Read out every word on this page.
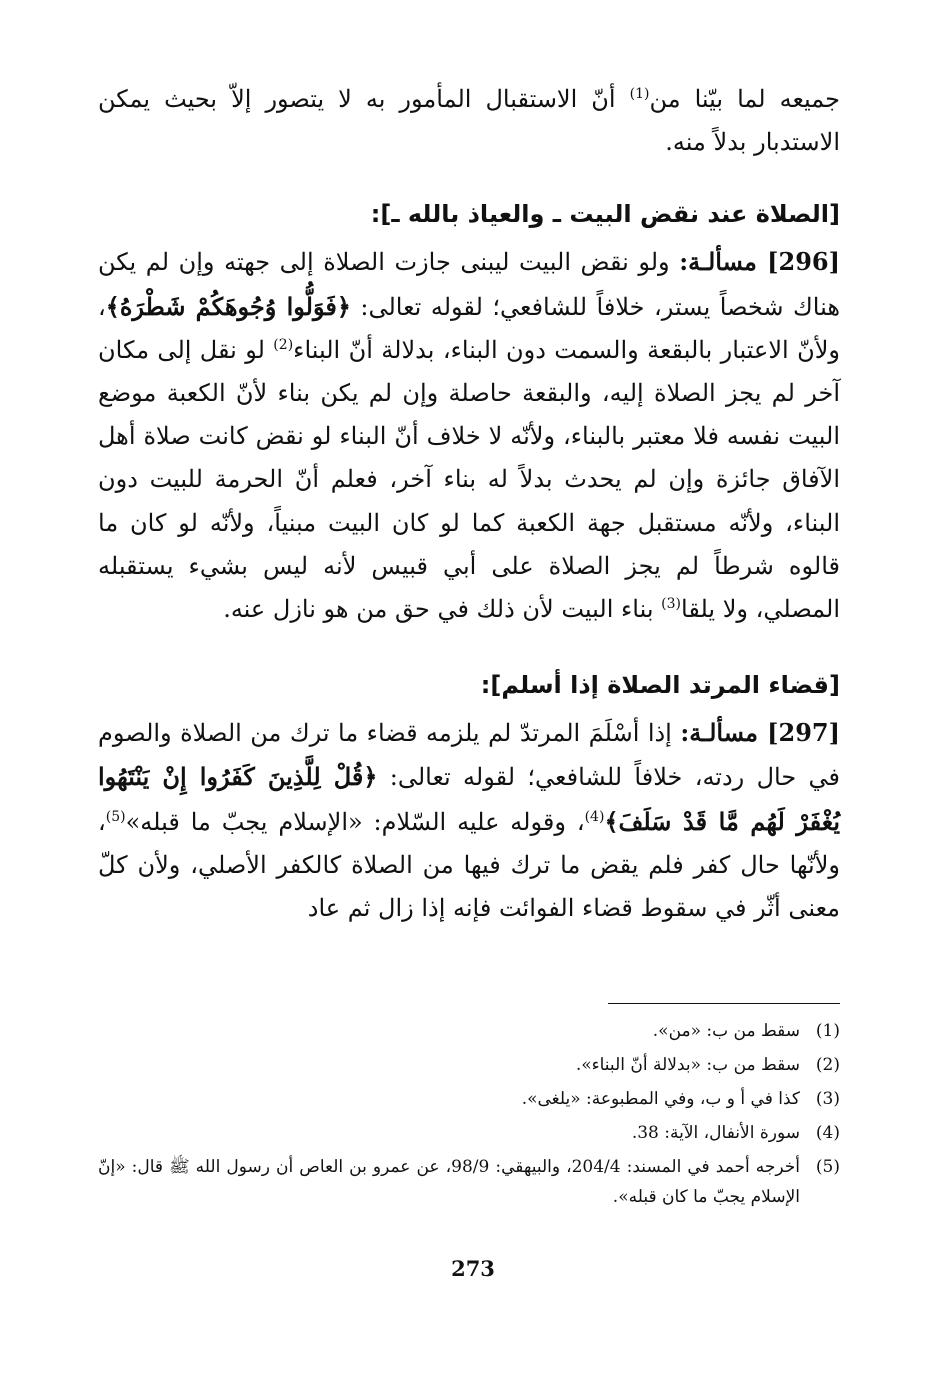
جميعه لما بيّنا من$^{(1)}$ أنّ الاستقبال المأمور به لا يتصور إلاّ بحيث يمكن الاستدبار بدلاً منه.

[الصلاة عند نقض البيت ـ والعياذ بالله ـ]:

[296] مسألـة: ولو نقض البيت ليبنى جازت الصلاة إلى جهته وإن لم يكن هناك شخصاً يستر، خلافاً للشافعي؛ لقوله تعالى: ﴿فَوَلُّوا وُجُوهَكُمْ شَطْرَهُ﴾، ولأنّ الاعتبار بالبقعة والسمت دون البناء، بدلالة أنّ البناء$^{(2)}$ لو نقل إلى مكان آخر لم يجز الصلاة إليه، والبقعة حاصلة وإن لم يكن بناء لأنّ الكعبة موضع البيت نفسه فلا معتبر بالبناء، ولأنّه لا خلاف أنّ البناء لو نقض كانت صلاة أهل الآفاق جائزة وإن لم يحدث بدلاً له بناء آخر، فعلم أنّ الحرمة للبيت دون البناء، ولأنّه مستقبل جهة الكعبة كما لو كان البيت مبنياً، ولأنّه لو كان ما قالوه شرطاً لم يجز الصلاة على أبي قبيس لأنه ليس بشيء يستقبله المصلي، ولا يلقا$^{(3)}$ بناء البيت لأن ذلك في حق من هو نازل عنه.

[قضاء المرتد الصلاة إذا أسلم]:

[297] مسألـة: إذا أسْلَمَ المرتدّ لم يلزمه قضاء ما ترك من الصلاة والصوم في حال ردته، خلافاً للشافعي؛ لقوله تعالى: ﴿قُلْ لِلَّذِينَ كَفَرُوا إِنْ يَنْتَهُوا يُغْفَرْ لَهُم مَّا قَدْ سَلَفَ﴾$^{(4)}$، وقوله عليه السّلام: «الإسلام يجبّ ما قبله»$^{(5)}$، ولأنّها حال كفر فلم يقض ما ترك فيها من الصلاة كالكفر الأصلي، ولأن كلّ معنى أثّر في سقوط قضاء الفوائت فإنه إذا زال ثم عاد

(1)
سقط من ب: «من».
(2)
سقط من ب: «بدلالة أنّ البناء».
(3)
كذا في أ و ب، وفي المطبوعة: «يلغى».
(4)
سورة الأنفال، الآية: 38.
(5)
أخرجه أحمد في المسند: 204/4، والبيهقي: 98/9، عن عمرو بن العاص أن رسول الله ﷺ قال: «إنّ الإسلام يجبّ ما كان قبله».
273
